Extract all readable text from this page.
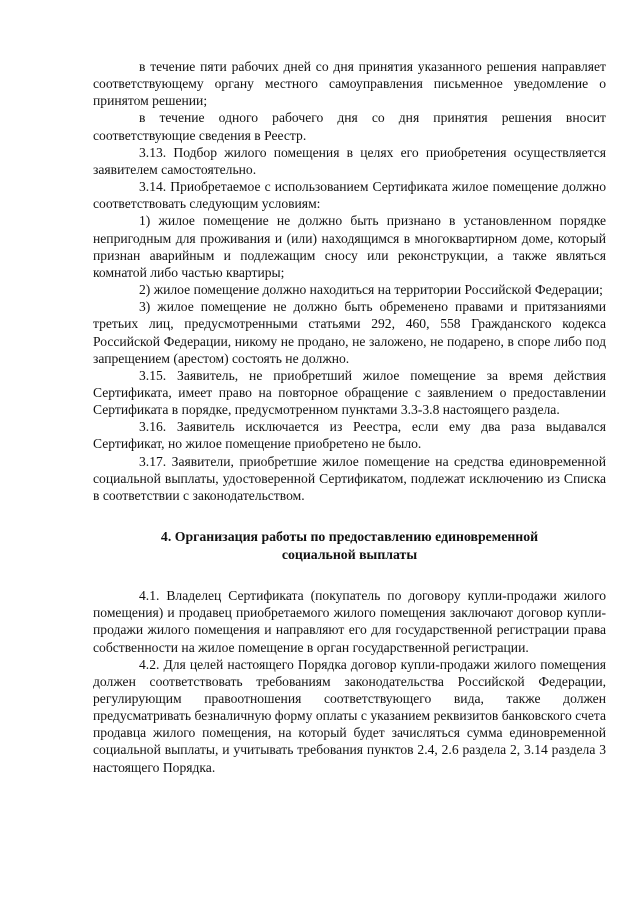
в течение пяти рабочих дней со дня принятия указанного решения направляет соответствующему органу местного самоуправления письменное уведомление о принятом решении;

в течение одного рабочего дня со дня принятия решения вносит соответствующие сведения в Реестр.

3.13. Подбор жилого помещения в целях его приобретения осуществляется заявителем самостоятельно.

3.14. Приобретаемое с использованием Сертификата жилое помещение должно соответствовать следующим условиям:

1) жилое помещение не должно быть признано в установленном порядке непригодным для проживания и (или) находящимся в многоквартирном доме, который признан аварийным и подлежащим сносу или реконструкции, а также являться комнатой либо частью квартиры;

2) жилое помещение должно находиться на территории Российской Федерации;

3) жилое помещение не должно быть обременено правами и притязаниями третьих лиц, предусмотренными статьями 292, 460, 558 Гражданского кодекса Российской Федерации, никому не продано, не заложено, не подарено, в споре либо под запрещением (арестом) состоять не должно.

3.15. Заявитель, не приобретший жилое помещение за время действия Сертификата, имеет право на повторное обращение с заявлением о предоставлении Сертификата в порядке, предусмотренном пунктами 3.3-3.8 настоящего раздела.

3.16. Заявитель исключается из Реестра, если ему два раза выдавался Сертификат, но жилое помещение приобретено не было.

3.17. Заявители, приобретшие жилое помещение на средства единовременной социальной выплаты, удостоверенной Сертификатом, подлежат исключению из Списка в соответствии с законодательством.

4. Организация работы по предоставлению единовременной
социальной выплаты

4.1. Владелец Сертификата (покупатель по договору купли-продажи жилого помещения) и продавец приобретаемого жилого помещения заключают договор купли-продажи жилого помещения и направляют его для государственной регистрации права собственности на жилое помещение в орган государственной регистрации.

4.2. Для целей настоящего Порядка договор купли-продажи жилого помещения должен соответствовать требованиям законодательства Российской Федерации, регулирующим правоотношения соответствующего вида, также должен предусматривать безналичную форму оплаты с указанием реквизитов банковского счета продавца жилого помещения, на который будет зачисляться сумма единовременной социальной выплаты, и учитывать требования пунктов 2.4, 2.6 раздела 2, 3.14 раздела 3 настоящего Порядка.
